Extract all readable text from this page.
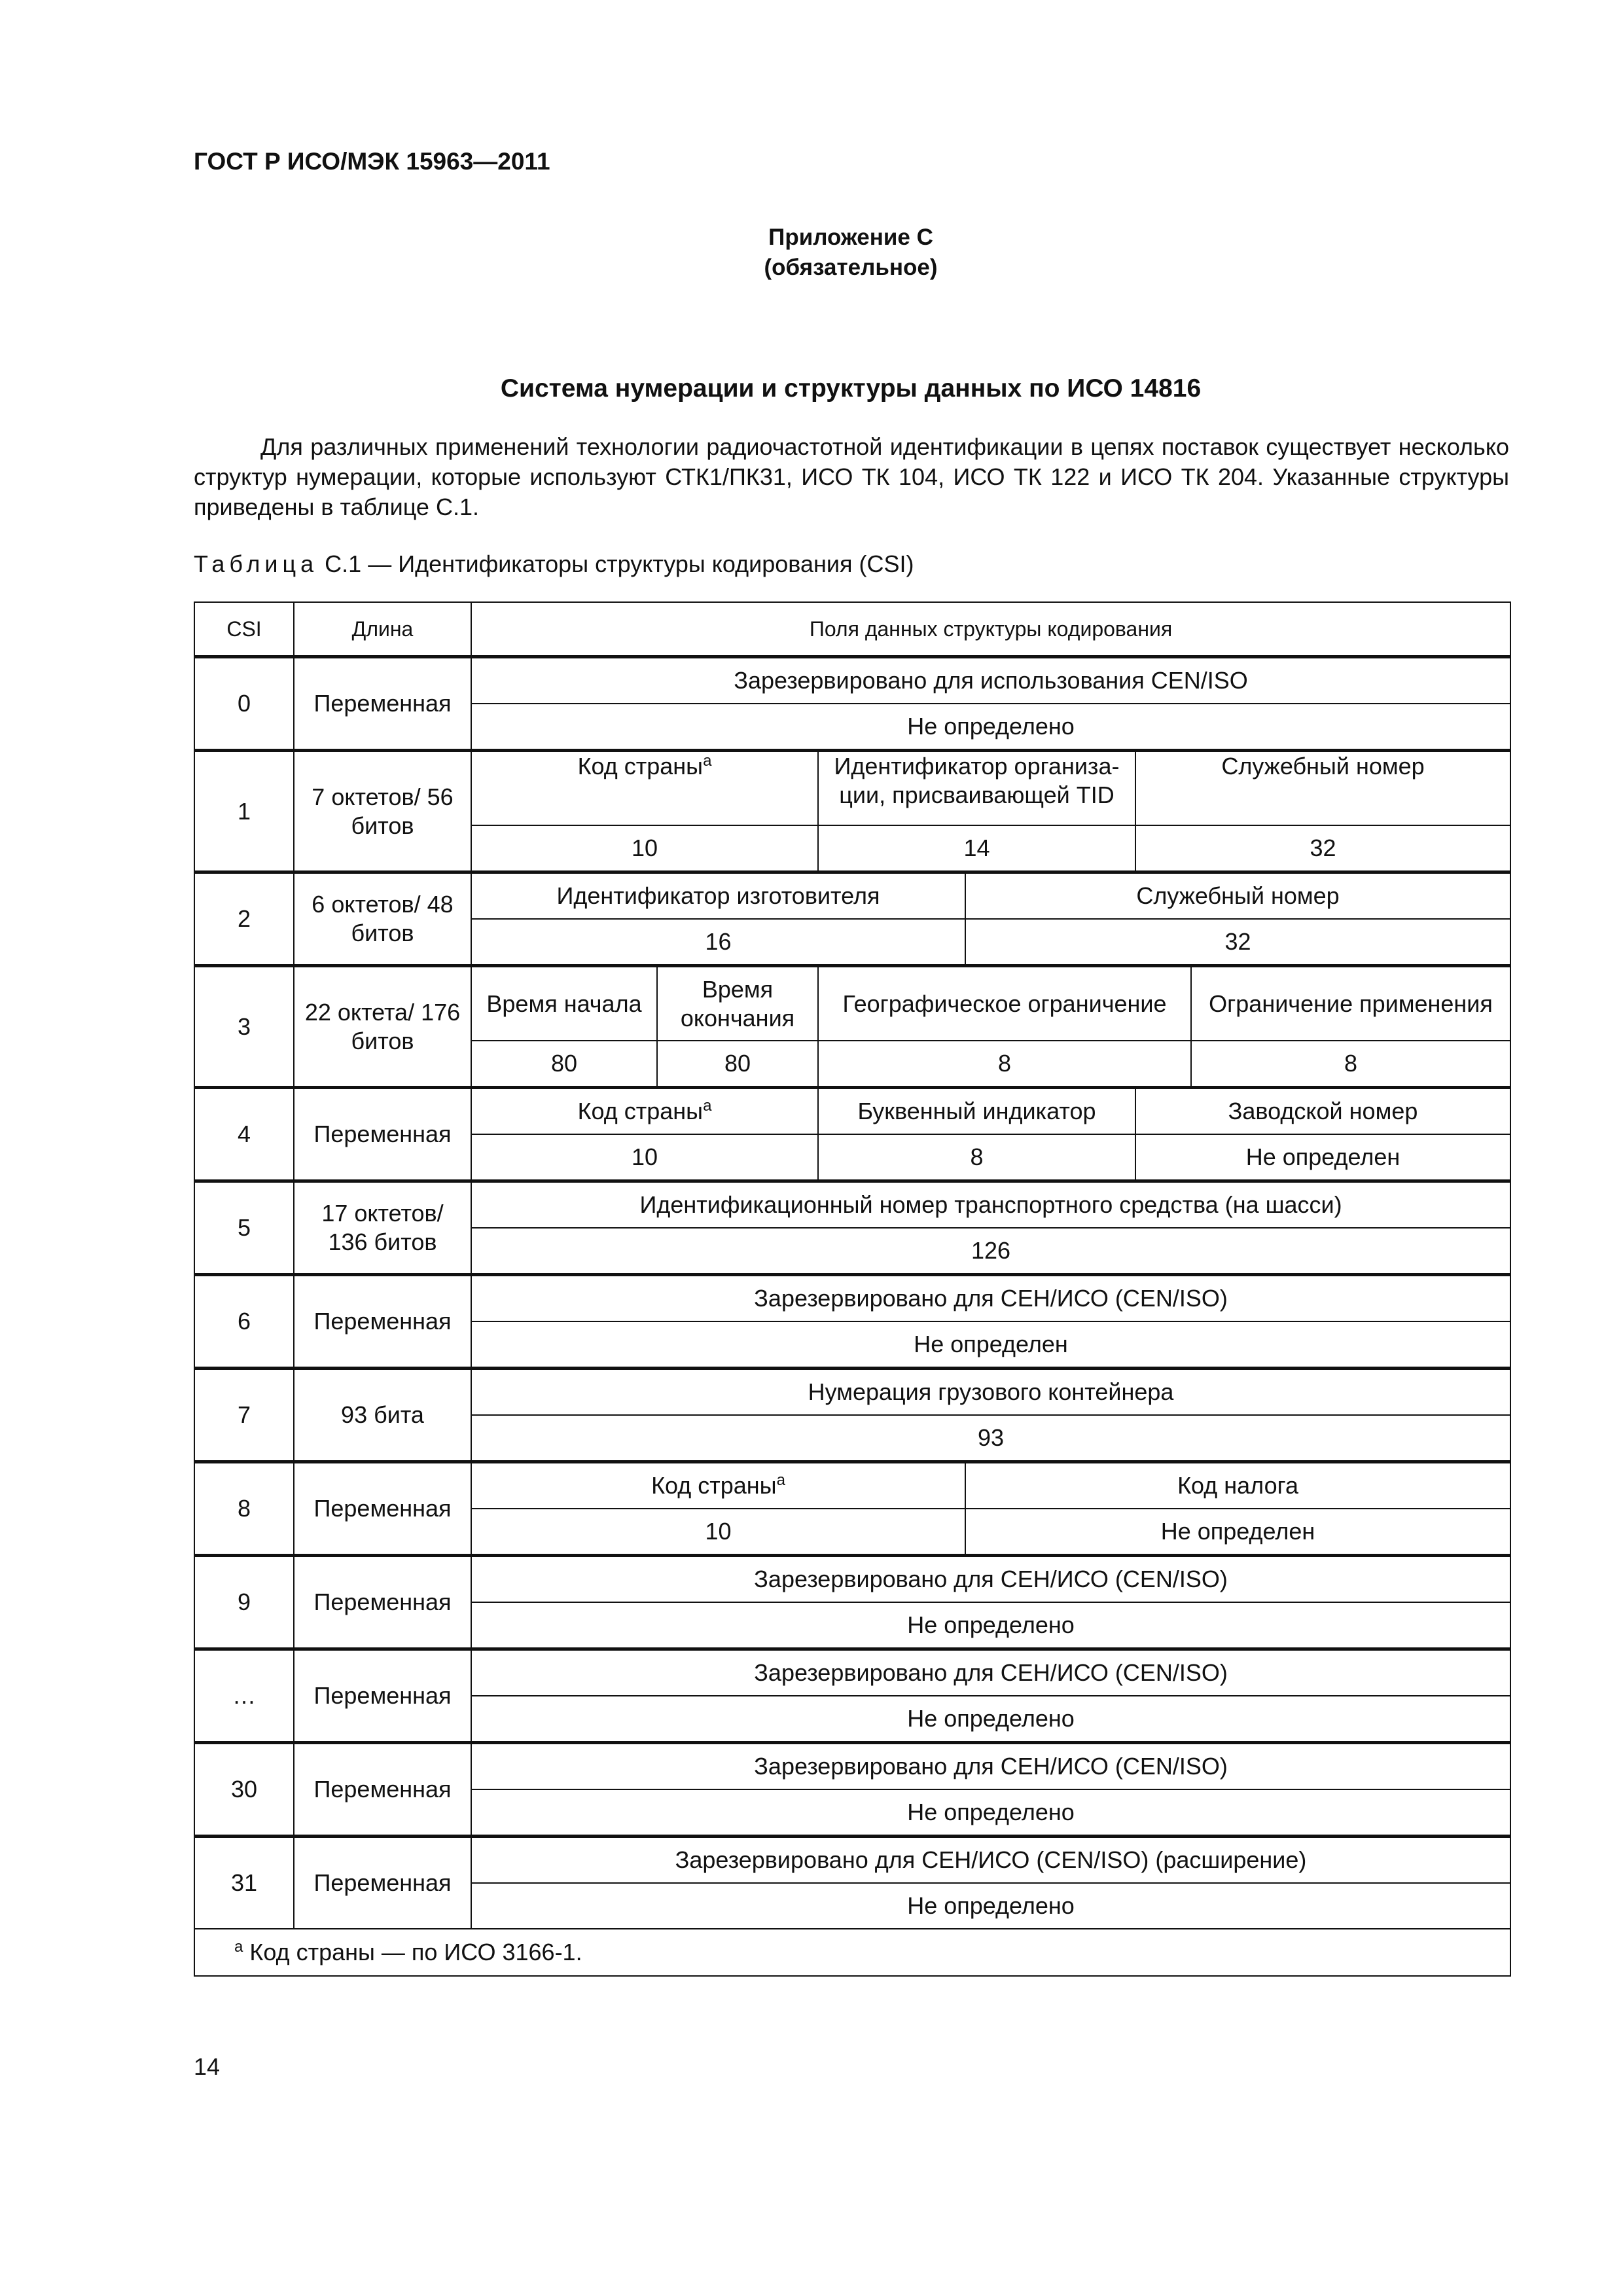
ГОСТ Р ИСО/МЭК 15963—2011
Приложение С
(обязательное)
Система нумерации и структуры данных по ИСО 14816

Для различных применений технологии радиочастотной идентификации в цепях поставок существует несколько структур нумерации, которые используют СТК1/ПК31, ИСО ТК 104, ИСО ТК 122 и ИСО ТК 204. Указанные структуры приведены в таблице С.1.

Таблица С.1 — Идентификаторы структуры кодирования (CSI)
CSI	Длина	Поля данных структуры кодирования					
0	Переменная	Зарезервировано для использования CEN/ISO					
		Не определено					
1	7 октетов/ 56 битов	Код страны$^a$		Идентификатор организа- ции, присваивающей TID		Служебный номер	
		10		14		32	
2	6 октетов/ 48 битов	Идентификатор изготовителя			Служебный номер		
		16			32		
3	22 октета/ 176 битов	Время начала	Время окончания	Географическое ограничение			Ограничение применения
		80	80	8			8
4	Переменная	Код страны$^a$		Буквенный индикатор		Заводской номер	
		10		8		Не определен	
5	17 октетов/ 136 битов	Идентификационный номер транспортного средства (на шасси)					
		126					
6	Переменная	Зарезервировано для СЕН/ИСО (CEN/ISO)					
		Не определен					
7	93 бита	Нумерация грузового контейнера					
		93					
8	Переменная	Код страны$^a$			Код налога		
		10			Не определен		
9	Переменная	Зарезервировано для СЕН/ИСО (CEN/ISO)					
		Не определено					
…	Переменная	Зарезервировано для СЕН/ИСО (CEN/ISO)					
		Не определено					
30	Переменная	Зарезервировано для СЕН/ИСО (CEN/ISO)					
		Не определено					
31	Переменная	Зарезервировано для СЕН/ИСО (CEN/ISO) (расширение)					
		Не определено					
$^a$ Код страны — по ИСО 3166-1.							
14
